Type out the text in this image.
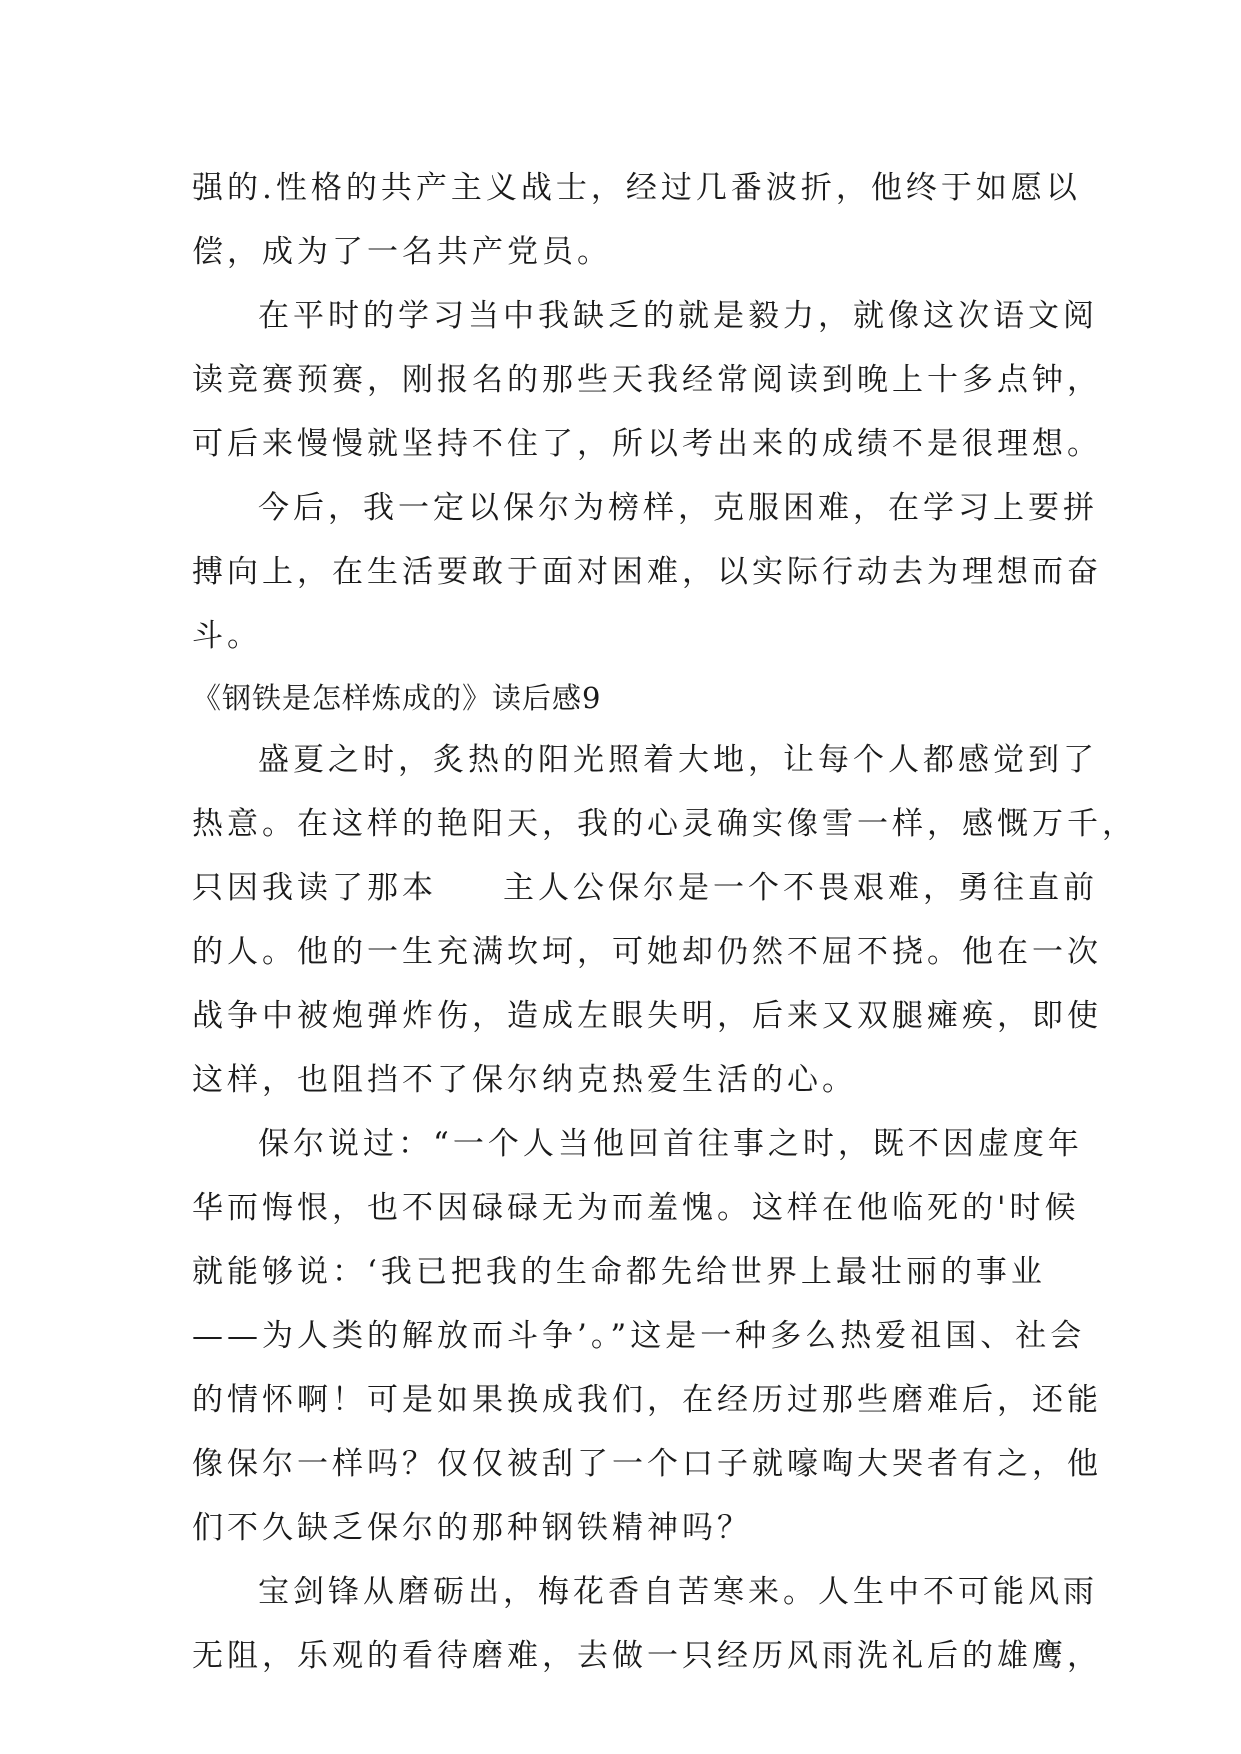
强的.性格的共产主义战士，经过几番波折，他终于如愿以
偿，成为了一名共产党员。
在平时的学习当中我缺乏的就是毅力，就像这次语文阅
读竞赛预赛，刚报名的那些天我经常阅读到晚上十多点钟，
可后来慢慢就坚持不住了，所以考出来的成绩不是很理想。
今后，我一定以保尔为榜样，克服困难，在学习上要拼
搏向上，在生活要敢于面对困难，以实际行动去为理想而奋
斗。
《钢铁是怎样炼成的》读后感9
盛夏之时，炙热的阳光照着大地，让每个人都感觉到了
热意。在这样的艳阳天，我的心灵确实像雪一样，感慨万千，
只因我读了那本 主人公保尔是一个不畏艰难，勇往直前
的人。他的一生充满坎坷，可她却仍然不屈不挠。他在一次
战争中被炮弹炸伤，造成左眼失明，后来又双腿瘫痪，即使
这样，也阻挡不了保尔纳克热爱生活的心。
保尔说过：“一个人当他回首往事之时，既不因虚度年
华而悔恨，也不因碌碌无为而羞愧。这样在他临死的'时候
就能够说：‘我已把我的生命都先给世界上最壮丽的事业
——为人类的解放而斗争’。”这是一种多么热爱祖国、社会
的情怀啊！可是如果换成我们，在经历过那些磨难后，还能
像保尔一样吗？仅仅被刮了一个口子就嚎啕大哭者有之，他
们不久缺乏保尔的那种钢铁精神吗？
宝剑锋从磨砺出，梅花香自苦寒来。人生中不可能风雨
无阻，乐观的看待磨难，去做一只经历风雨洗礼后的雄鹰，
